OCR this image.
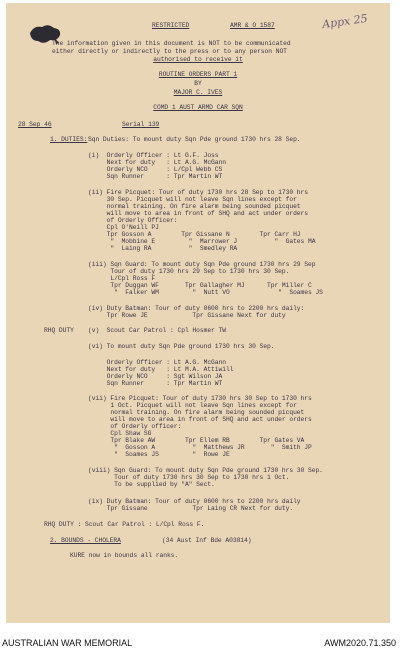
Appx 25
RESTRICTED	AMR & O 1587
The information given in this document is NOT to be communicated
either directly or indirectly to the press or to any person NOT
authorised to receive it
ROUTINE ORDERS PART 1
BY
MAJOR C. IVES
COMD 1 AUST ARMD CAR SQN
28 Sep 46	Serial 139
1. DUTIES: Sqn Duties: To mount duty Sqn Pde ground 1730 hrs 28 Sep.
(i)  Orderly Officer : Lt G.F. Joss
Next for duty   : Lt A.G. McGann
Orderly NCO     : L/Cpl Webb CS
Sqn Runner      : Tpr Martin WT
(ii) Fire Picquet: Tour of duty 1730 hrs 28 Sep to 1730 hrs
30 Sep. Picquet will not leave Sqn lines except for
normal training. On fire alarm being sounded picquet
will move to area in front of SHQ and act under orders
of Orderly Officer:
Cpl O'Neill PJ
Tpr Gosson A        Tpr Gissane N        Tpr Carr HJ
"  Mobbine E         "  Marrower J          "  Gates MA
"  Laing RA          "  Smedley RA
(iii) Sqn Guard: To mount duty Sqn Pde ground 1730 hrs 29 Sep
Tour of duty 1730 hrs 29 Sep to 1730 hrs 30 Sep.
L/Cpl Ross F
Tpr Duggan WF       Tpr Gallagher MJ      Tpr Miller C
"  Falker WM         "  Nutt VO             "  Soames JS
(iv) Duty Batman: Tour of duty 0600 hrs to 2200 hrs daily:
Tpr Rowe JE            Tpr Gissane Next for duty
RHQ DUTY (v)  Scout Car Patrol : Cpl Hosmer TW
(vi) To mount duty Sqn Pde ground 1730 hrs 30 Sep.
Orderly Officer : Lt A.G. McGann
Next for duty   : Lt M.A. Attiwill
Orderly NCO     : Sgt Wilson JA
Sqn Runner      : Tpr Martin WT
(vii) Fire Picquet: Tour of duty 1730 hrs 30 Sep to 1730 hrs
1 Oct. Picquet will not leave Sqn lines except for
normal training. On fire alarm being sounded picquet
will move to area in front of SHQ and act under orders
of Orderly officer:
Cpl Shaw SG
Tpr Blake AW        Tpr Ellem RB        Tpr Gates VA
"  Gosson A          "  Matthews JR       "  Smith JP
"  Soames JS         "  Rowe JE
(viii) Sqn Guard: To mount duty Sqn Pde ground 1730 hrs 30 Sep.
Tour of duty 1730 hrs 30 Sep to 1730 hrs 1 Oct.
To be supplied by "A" Sect.
(ix) Duty Batman: Tour of duty 0600 hrs to 2200 hrs daily
Tpr Gissane            Tpr Laing CR Next for duty.
RHQ DUTY : Scout Car Patrol : L/Cpl Ross F.
2. BOUNDS - CHOLERA	(34 Aust Inf Bde A03814)
KURE now in bounds all ranks.
AUSTRALIAN WAR MEMORIAL	AWM2020.71.350
